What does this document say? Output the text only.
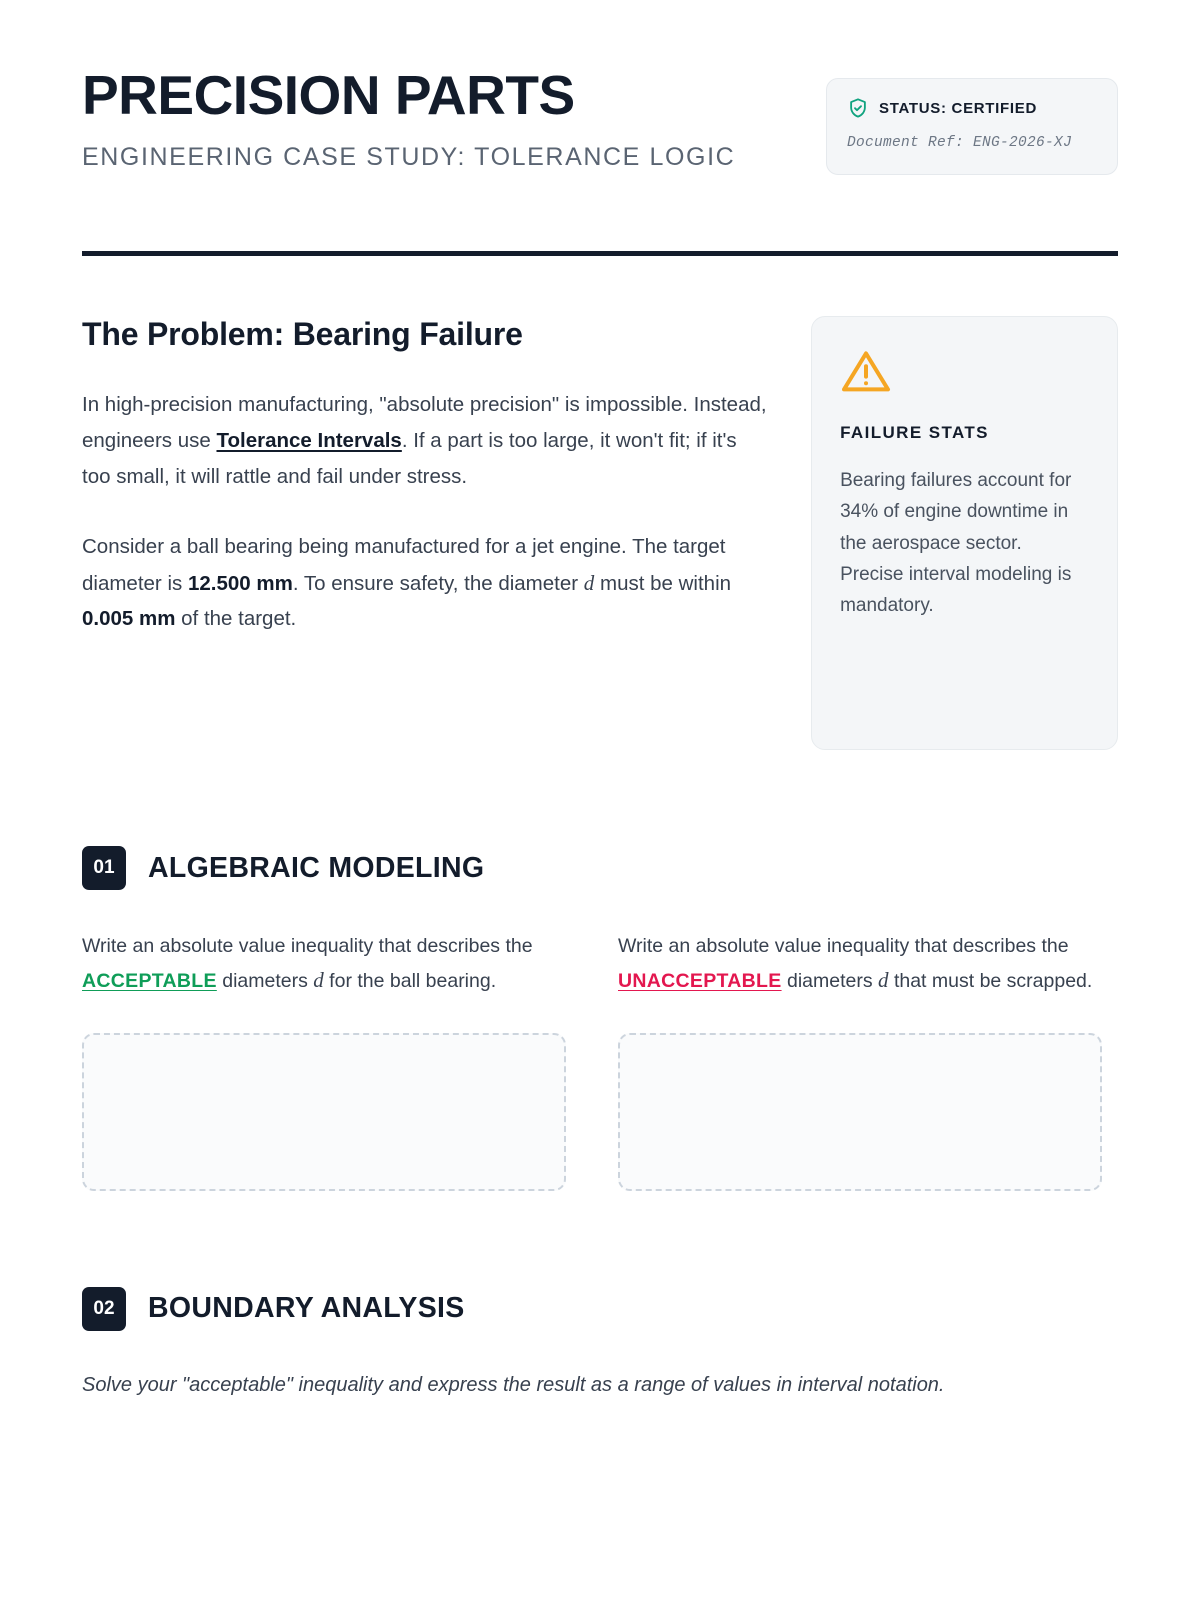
PRECISION PARTS

ENGINEERING CASE STUDY: TOLERANCE LOGIC

STATUS: CERTIFIED
Document Ref: ENG-2026-XJ
The Problem: Bearing Failure

In high-precision manufacturing, "absolute precision" is impossible. Instead, engineers use Tolerance Intervals. If a part is too large, it won't fit; if it's too small, it will rattle and fail under stress.

Consider a ball bearing being manufactured for a jet engine. The target diameter is 12.500 mm. To ensure safety, the diameter d must be within 0.005 mm of the target.

FAILURE STATS

Bearing failures account for 34% of engine downtime in the aerospace sector. Precise interval modeling is mandatory.

01	ALGEBRAIC MODELING

Write an absolute value inequality that describes the ACCEPTABLE diameters d for the ball bearing.

Write an absolute value inequality that describes the UNACCEPTABLE diameters d that must be scrapped.

02	BOUNDARY ANALYSIS

Solve your "acceptable" inequality and express the result as a range of values in interval notation.
